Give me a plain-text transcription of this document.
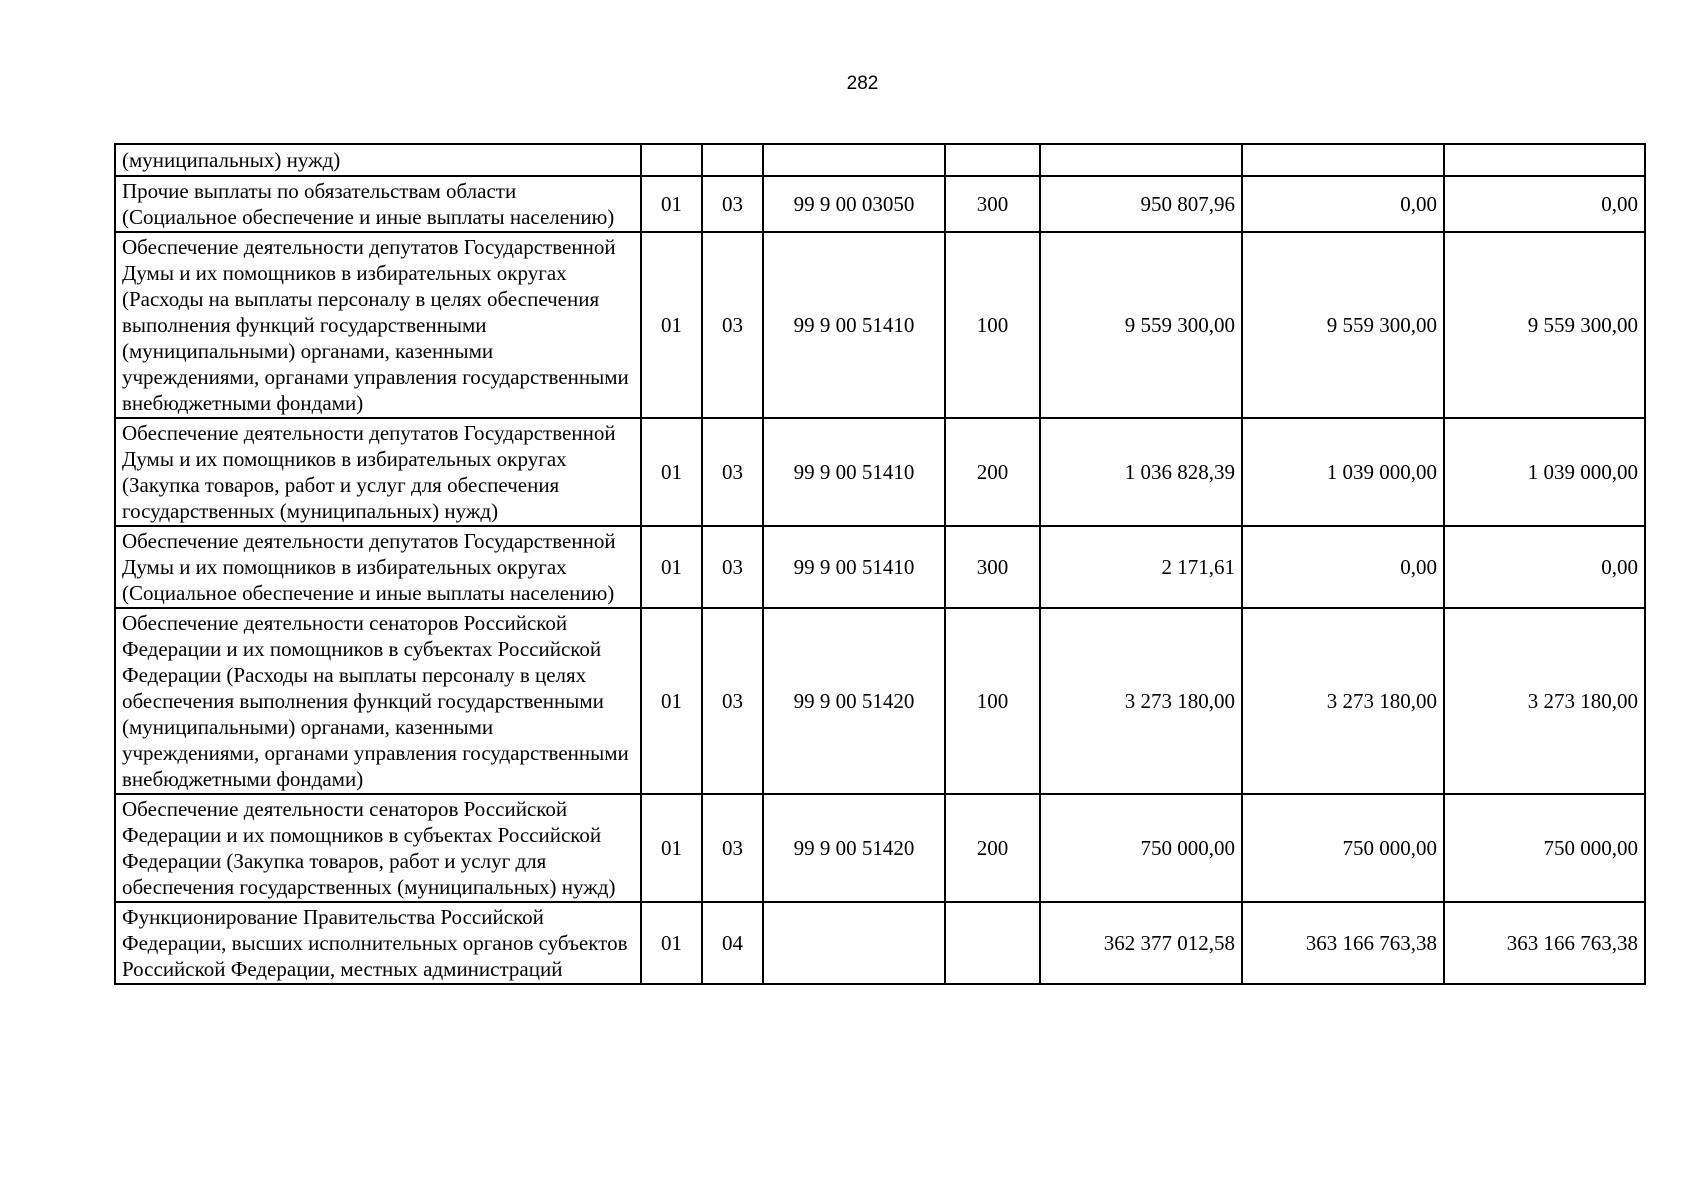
282
(муниципальных) нужд)							
Прочие выплаты по обязательствам области (Социальное обеспечение и иные выплаты населению)	01	03	99 9 00 03050	300	950 807,96	0,00	0,00
Обеспечение деятельности депутатов Государственной Думы и их помощников в избирательных округах (Расходы на выплаты персоналу в целях обеспечения выполнения функций государственными (муниципальными) органами, казенными учреждениями, органами управления государственными внебюджетными фондами)	01	03	99 9 00 51410	100	9 559 300,00	9 559 300,00	9 559 300,00
Обеспечение деятельности депутатов Государственной Думы и их помощников в избирательных округах (Закупка товаров, работ и услуг для обеспечения государственных (муниципальных) нужд)	01	03	99 9 00 51410	200	1 036 828,39	1 039 000,00	1 039 000,00
Обеспечение деятельности депутатов Государственной Думы и их помощников в избирательных округах (Социальное обеспечение и иные выплаты населению)	01	03	99 9 00 51410	300	2 171,61	0,00	0,00
Обеспечение деятельности сенаторов Российской Федерации и их помощников в субъектах Российской Федерации (Расходы на выплаты персоналу в целях обеспечения выполнения функций государственными (муниципальными) органами, казенными учреждениями, органами управления государственными внебюджетными фондами)	01	03	99 9 00 51420	100	3 273 180,00	3 273 180,00	3 273 180,00
Обеспечение деятельности сенаторов Российской Федерации и их помощников в субъектах Российской Федерации (Закупка товаров, работ и услуг для обеспечения государственных (муниципальных) нужд)	01	03	99 9 00 51420	200	750 000,00	750 000,00	750 000,00
Функционирование Правительства Российской Федерации, высших исполнительных органов субъектов Российской Федерации, местных администраций	01	04			362 377 012,58	363 166 763,38	363 166 763,38
